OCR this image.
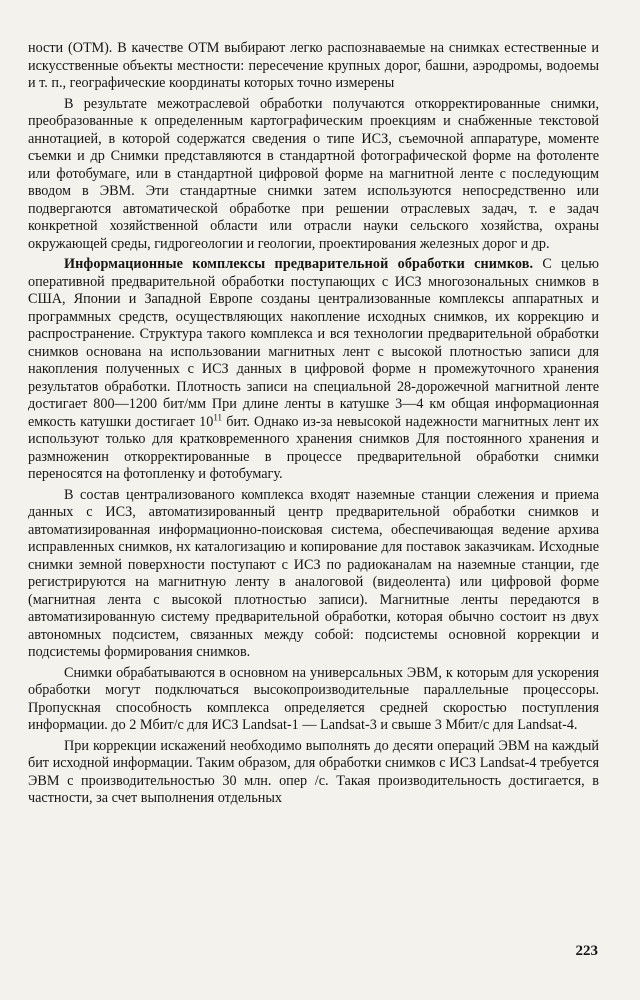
ности (ОТМ). В качестве ОТМ выбирают легко распознаваемые на снимках естественные и искусственные объекты местности: пересечение крупных дорог, башни, аэродромы, водоемы и т. п., географические координаты которых точно измерены

В результате межотраслевой обработки получаются откорректированные снимки, преобразованные к определенным картографическим проекциям и снабженные текстовой аннотацией, в которой содержатся сведения о типе ИСЗ, съемочной аппаратуре, моменте съемки и др Снимки представляются в стандартной фотографической форме на фотоленте или фотобумаге, или в стандартной цифровой форме на магнитной ленте с последующим вводом в ЭВМ. Эти стандартные снимки затем используются непосредственно или подвергаются автоматической обработке при решении отраслевых задач, т. е задач конкретной хозяйственной области или отрасли науки сельского хозяйства, охраны окружающей среды, гидрогеологии и геологии, проектирования железных дорог и др.

Информационные комплексы предварительной обработки снимков. С целью оперативной предварительной обработки поступающих с ИСЗ многозональных снимков в США, Японии и Западной Европе созданы централизованные комплексы аппаратных и программных средств, осуществляющих накопление исходных снимков, их коррекцию и распространение. Структура такого комплекса и вся технологии предварительной обработки снимков основана на использовании магнитных лент с высокой плотностью записи для накопления полученных с ИСЗ данных в цифровой форме н промежуточного хранения результатов обработки. Плотность записи на специальной 28-дорожечной магнитной ленте достигает 800—1200 бит/мм При длине ленты в катушке 3—4 км общая информационная емкость катушки достигает $10^{11}$ бит. Однако из-за невысокой надежности магнитных лент их используют только для кратковременного хранения снимков Для постоянного хранения и размноженин откорректированные в процессе предварительной обработки снимки переносятся на фотопленку и фотобумагу.

В состав централизованого комплекса входят наземные станции слежения и приема данных с ИСЗ, автоматизированный центр предварительной обработки снимков и автоматизированная информационно-поисковая система, обеспечивающая ведение архива исправленных снимков, нх каталогизацию и копирование для поставок заказчикам. Исходные снимки земной поверхности поступают с ИСЗ по радиоканалам на наземные станции, где регистрируются на магнитную ленту в аналоговой (видеолента) или цифровой форме (магнитная лента с высокой плотностью записи). Магнитные ленты передаются в автоматизированную систему предварительной обработки, которая обычно состоит нз двух автономных подсистем, связанных между собой: подсистемы основной коррекции и подсистемы формирования снимков.

Снимки обрабатываются в основном на универсальных ЭВМ, к которым для ускорения обработки могут подключаться высокопроизводительные параллельные процессоры. Пропускная способность комплекса определяется средней скоростью поступления информации. до 2 Мбит/с для ИСЗ Landsat-1 — Landsat-3 и свыше 3 Мбит/с для Landsat-4.

При коррекции искажений необходимо выполнять до десяти операций ЭВМ на каждый бит исходной информации. Таким образом, для обработки снимков с ИСЗ Landsat-4 требуется ЭВМ с производительностью 30 млн. опер /с. Такая производительность достигается, в частности, за счет выполнения отдельных

223
